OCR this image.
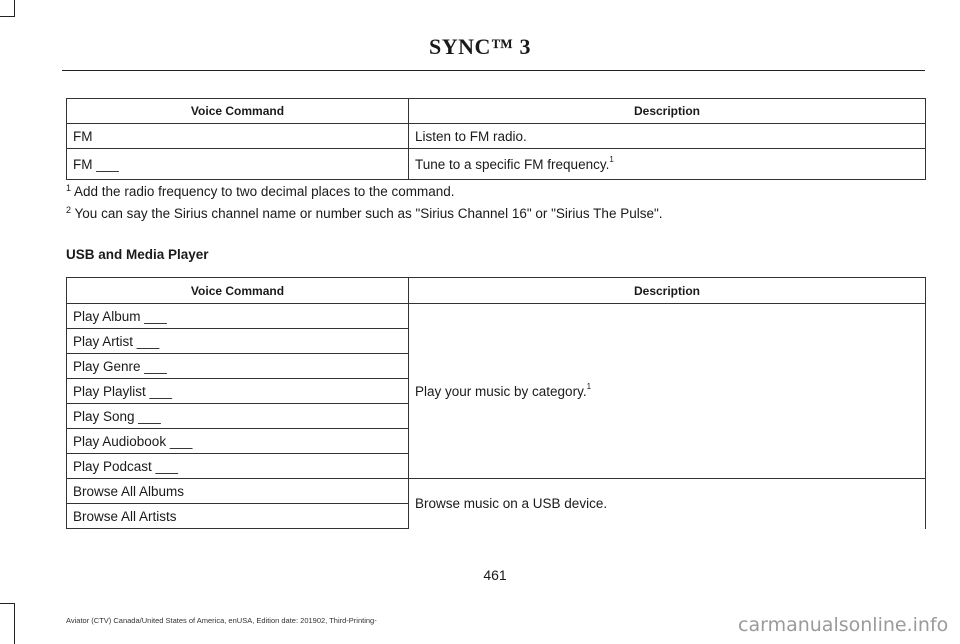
SYNC™ 3
Voice Command	Description
FM	Listen to FM radio.
FM ___	Tune to a specific FM frequency.$^1$
$^1$ Add the radio frequency to two decimal places to the command.
$^2$ You can say the Sirius channel name or number such as "Sirius Channel 16" or "Sirius The Pulse".
USB and Media Player
Voice Command	Description
Play Album ___	Play your music by category.$^1$
Play Artist ___	
Play Genre ___	
Play Playlist ___	
Play Song ___	
Play Audiobook ___	
Play Podcast ___	
Browse All Albums	Browse music on a USB device.
Browse All Artists	
461
Aviator (CTV) Canada/United States of America, enUSA, Edition date: 201902, Third-Printing-	carmanualsonline.info
